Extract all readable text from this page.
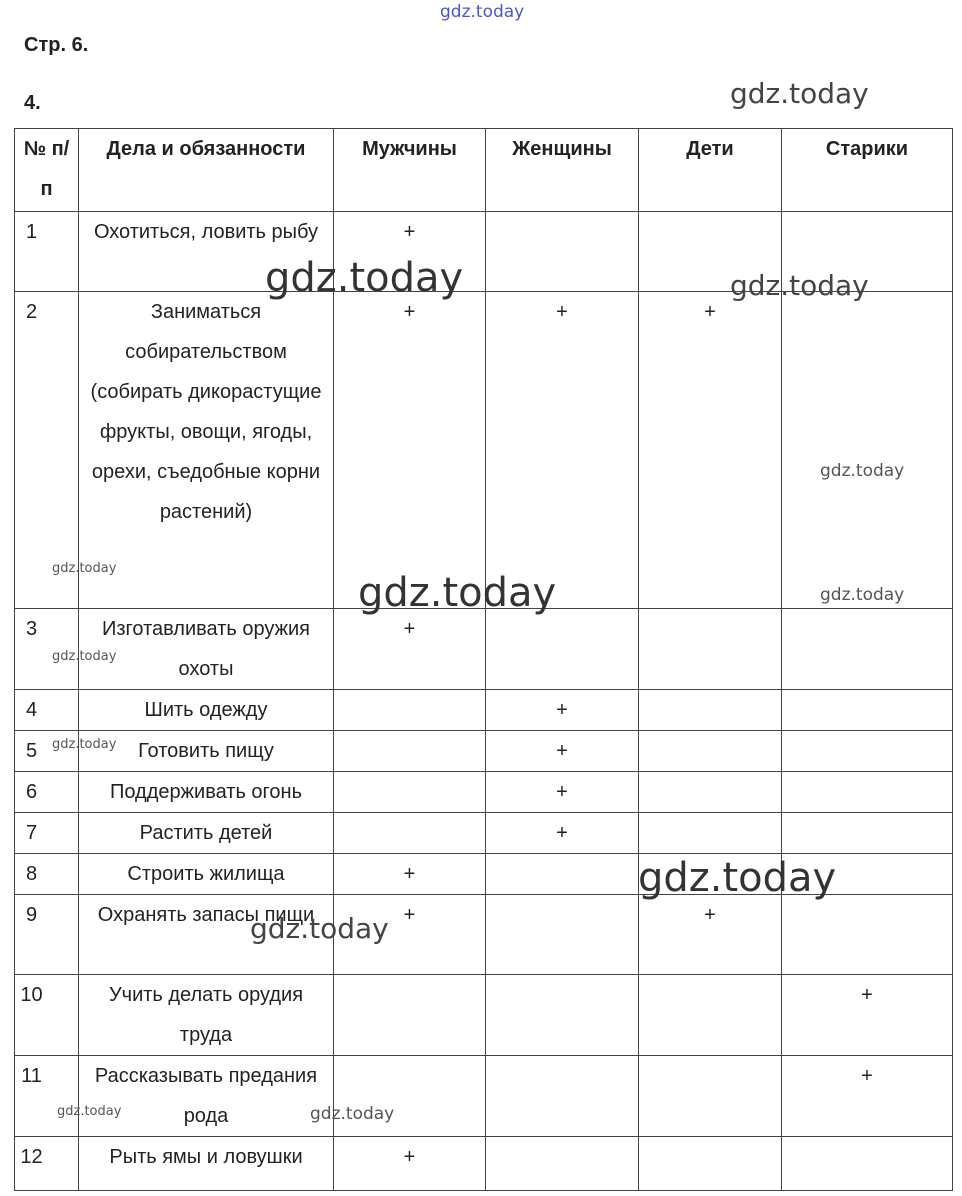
gdz.today
Стр. 6.
4.
№ п/п	Дела и обязанности	Мужчины	Женщины	Дети	Старики
1	Охотиться, ловить рыбу	+			
2	Заниматься собирательством (собирать дикорастущие фрукты, овощи, ягоды, орехи, съедобные корни растений)	+	+	+	
3	Изготавливать оружия охоты	+			
4	Шить одежду		+		
5	Готовить пищу		+		
6	Поддерживать огонь		+		
7	Растить детей		+		
8	Строить жилища	+			
9	Охранять запасы пищи	+		+	
10	Учить делать орудия труда				+
11	Рассказывать предания рода				+
12	Рыть ямы и ловушки	+			
gdz.today
gdz.today	gdz.today
gdz.today
gdz.today
gdz.today	gdz.today
gdz.today
gdz.today
gdz.today
gdz.today
gdz.today	gdz.today
